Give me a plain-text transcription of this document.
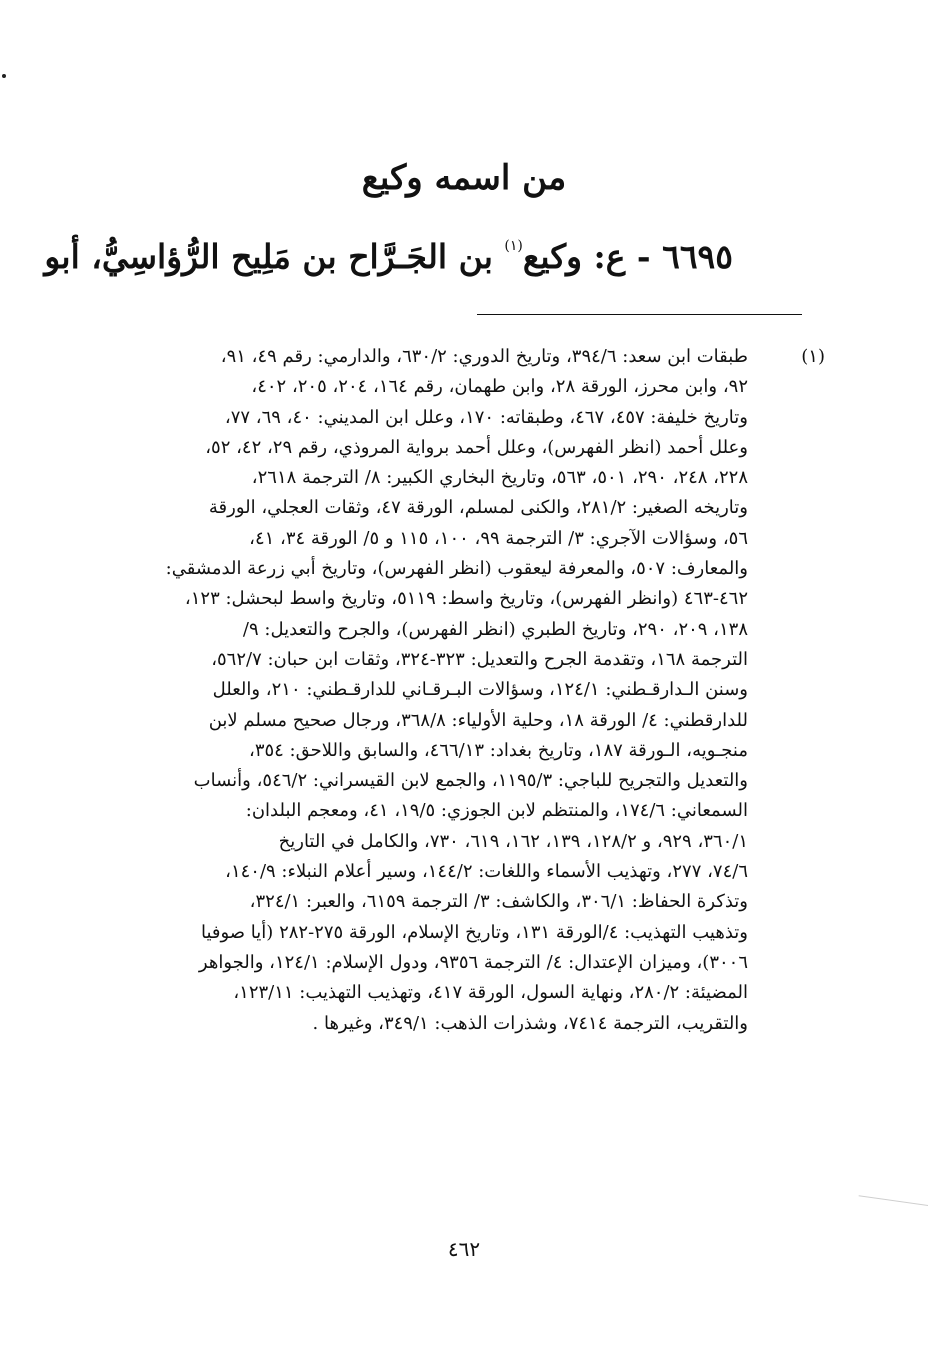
من اسمه وكيع
٦٦٩٥ - ع: وكيع$^{(١)}$ بن الجَـرَّاح بن مَلِيح الرُّؤاسِيُّ، أبو
(١)
طبقات ابن سعد: ٣٩٤/٦، وتاريخ الدوري: ٦٣٠/٢، والدارمي: رقم ٤٩، ٩١،
٩٢، وابن محرز، الورقة ٢٨، وابن طهمان، رقم ١٦٤، ٢٠٤، ٢٠٥، ٤٠٢،
وتاريخ خليفة: ٤٥٧، ٤٦٧، وطبقاته: ١٧٠، وعلل ابن المديني: ٤٠، ٦٩، ٧٧،
وعلل أحمد (انظر الفهرس)، وعلل أحمد برواية المروذي، رقم ٢٩، ٤٢، ٥٢،
٢٢٨، ٢٤٨، ٢٩٠، ٥٠١، ٥٦٣، وتاريخ البخاري الكبير: ٨/ الترجمة ٢٦١٨،
وتاريخه الصغير: ٢٨١/٢، والكنى لمسلم، الورقة ٤٧، وثقات العجلي، الورقة
٥٦، وسؤالات الآجري: ٣/ الترجمة ٩٩، ١٠٠، ١١٥ و ٥/ الورقة ٣٤، ٤١،
والمعارف: ٥٠٧، والمعرفة ليعقوب (انظر الفهرس)، وتاريخ أبي زرعة الدمشقي:
٤٦٢-٤٦٣ (وانظر الفهرس)، وتاريخ واسط: ٥١١٩، وتاريخ واسط لبحشل: ١٢٣،
١٣٨، ٢٠٩، ٢٩٠، وتاريخ الطبري (انظر الفهرس)، والجرح والتعديل: ٩/
الترجمة ١٦٨، وتقدمة الجرح والتعديل: ٣٢٣-٣٢٤، وثقات ابن حبان: ٥٦٢/٧،
وسنن الـدارقـطني: ١٢٤/١، وسؤالات البـرقـاني للدارقـطني: ٢١٠، والعلل
للدارقطني: ٤/ الورقة ١٨، وحلية الأولياء: ٣٦٨/٨، ورجال صحيح مسلم لابن
منجـويه، الـورقة ١٨٧، وتاريخ بغداد: ٤٦٦/١٣، والسابق واللاحق: ٣٥٤،
والتعديل والتجريح للباجي: ١١٩٥/٣، والجمع لابن القيسراني: ٥٤٦/٢، وأنساب
السمعاني: ١٧٤/٦، والمنتظم لابن الجوزي: ١٩/٥، ٤١، ومعجم البلدان:
٣٦٠/١، ٩٢٩، و ١٢٨/٢، ١٣٩، ١٦٢، ٦١٩، ٧٣٠، والكامل في التاريخ
٧٤/٦، ٢٧٧، وتهذيب الأسماء واللغات: ١٤٤/٢، وسير أعلام النبلاء: ١٤٠/٩،
وتذكرة الحفاظ: ٣٠٦/١، والكاشف: ٣/ الترجمة ٦١٥٩، والعبر: ٣٢٤/١،
وتذهيب التهذيب: ٤/الورقة ١٣١، وتاريخ الإسلام، الورقة ٢٧٥-٢٨٢ (أيا صوفيا
٣٠٠٦)، وميزان الإعتدال: ٤/ الترجمة ٩٣٥٦، ودول الإسلام: ١٢٤/١، والجواهر
المضيئة: ٢٨٠/٢، ونهاية السول، الورقة ٤١٧، وتهذيب التهذيب: ١٢٣/١١،
والتقريب، الترجمة ٧٤١٤، وشذرات الذهب: ٣٤٩/١، وغيرها .
٤٦٢
